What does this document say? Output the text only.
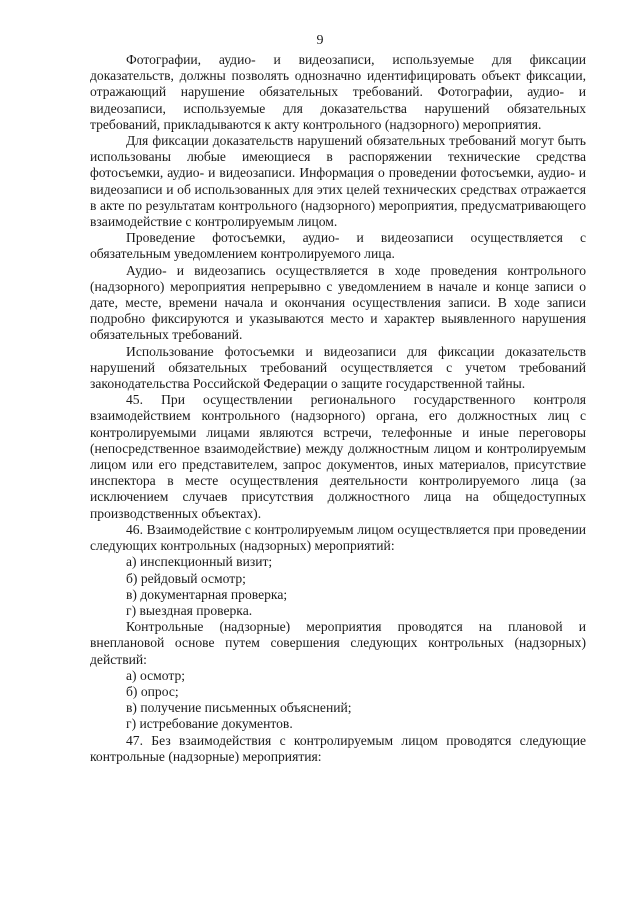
9

Фотографии, аудио- и видеозаписи, используемые для фиксации доказательств, должны позволять однозначно идентифицировать объект фиксации, отражающий нарушение обязательных требований. Фотографии, аудио- и видеозаписи, используемые для доказательства нарушений обязательных требований, прикладываются к акту контрольного (надзорного) мероприятия.

Для фиксации доказательств нарушений обязательных требований могут быть использованы любые имеющиеся в распоряжении технические средства фотосъемки, аудио- и видеозаписи. Информация о проведении фотосъемки, аудио- и видеозаписи и об использованных для этих целей технических средствах отражается в акте по результатам контрольного (надзорного) мероприятия, предусматривающего взаимодействие с контролируемым лицом.

Проведение фотосъемки, аудио- и видеозаписи осуществляется с обязательным уведомлением контролируемого лица.

Аудио- и видеозапись осуществляется в ходе проведения контрольного (надзорного) мероприятия непрерывно с уведомлением в начале и конце записи о дате, месте, времени начала и окончания осуществления записи. В ходе записи подробно фиксируются и указываются место и характер выявленного нарушения обязательных требований.

Использование фотосъемки и видеозаписи для фиксации доказательств нарушений обязательных требований осуществляется с учетом требований законодательства Российской Федерации о защите государственной тайны.

45. При осуществлении регионального государственного контроля взаимодействием контрольного (надзорного) органа, его должностных лиц с контролируемыми лицами являются встречи, телефонные и иные переговоры (непосредственное взаимодействие) между должностным лицом и контролируемым лицом или его представителем, запрос документов, иных материалов, присутствие инспектора в месте осуществления деятельности контролируемого лица (за исключением случаев присутствия должностного лица на общедоступных производственных объектах).

46. Взаимодействие с контролируемым лицом осуществляется при проведении следующих контрольных (надзорных) мероприятий:

а) инспекционный визит;

б) рейдовый осмотр;

в) документарная проверка;

г) выездная проверка.

Контрольные (надзорные) мероприятия проводятся на плановой и внеплановой основе путем совершения следующих контрольных (надзорных) действий:

а) осмотр;

б) опрос;

в) получение письменных объяснений;

г) истребование документов.

47. Без взаимодействия с контролируемым лицом проводятся следующие контрольные (надзорные) мероприятия:
